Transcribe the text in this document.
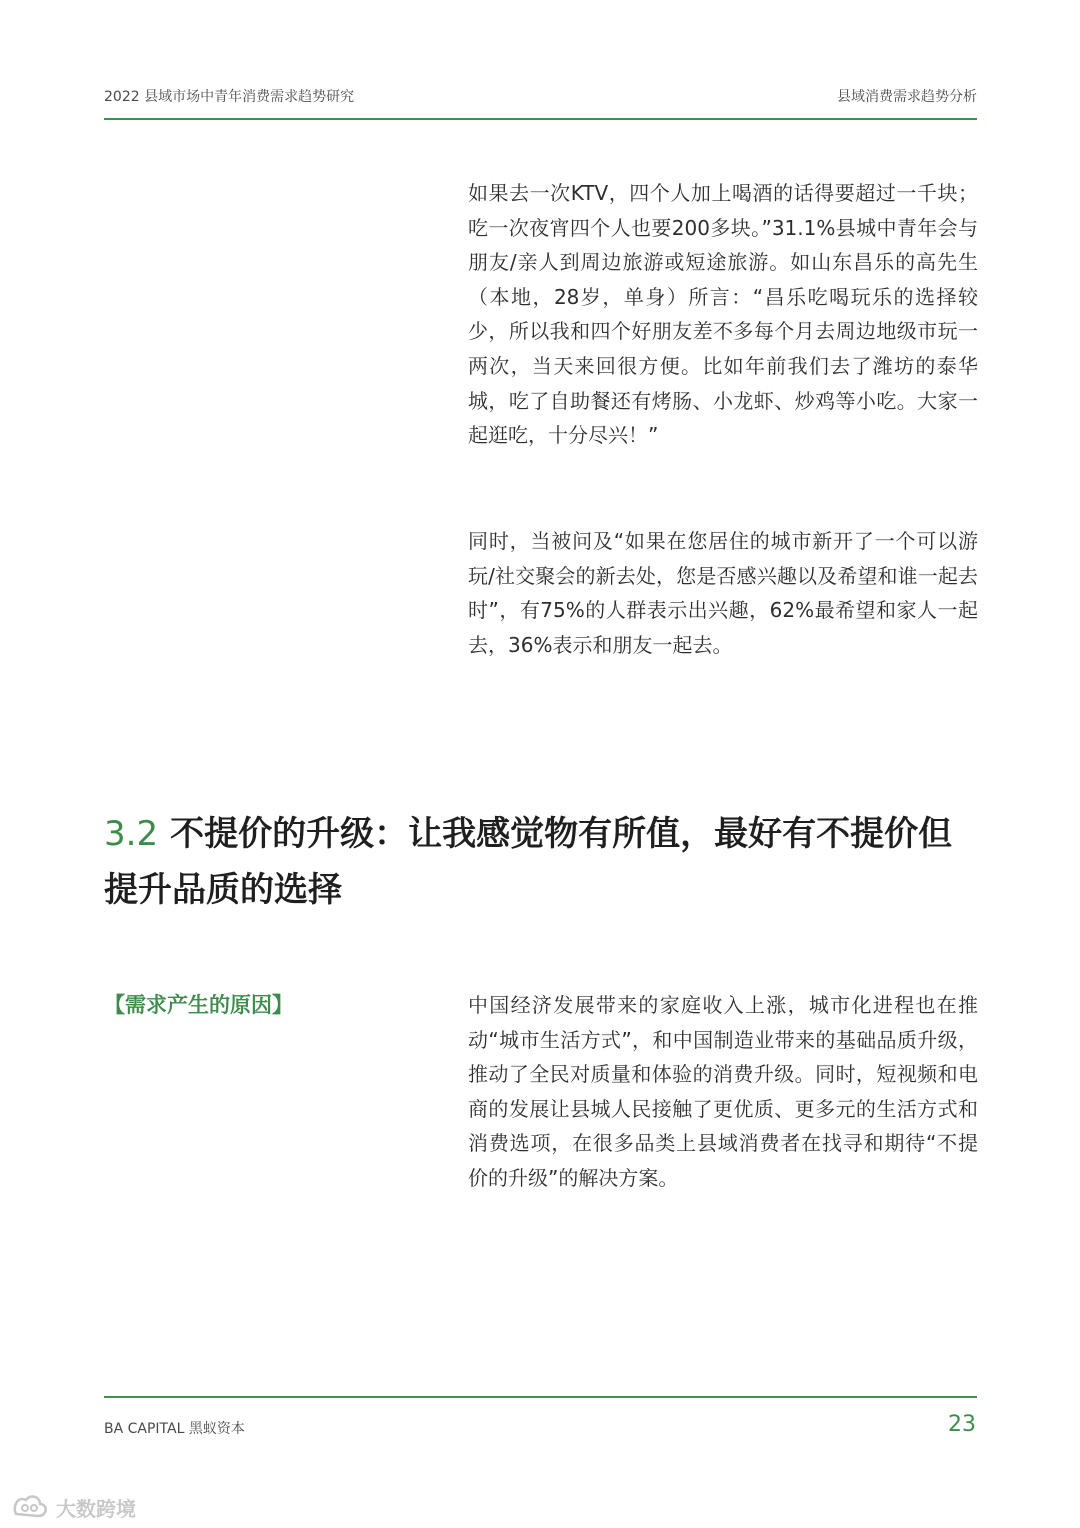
2022 县域市场中青年消费需求趋势研究	县域消费需求趋势分析

如果去一次KTV，四个人加上喝酒的话得要超过一千块；吃一次夜宵四个人也要200多块。”31.1%县城中青年会与朋友/亲人到周边旅游或短途旅游。如山东昌乐的高先生（本地，28岁，单身）所言：“昌乐吃喝玩乐的选择较少，所以我和四个好朋友差不多每个月去周边地级市玩一两次，当天来回很方便。比如年前我们去了潍坊的泰华城，吃了自助餐还有烤肠、小龙虾、炒鸡等小吃。大家一起逛吃，十分尽兴！”

同时，当被问及“如果在您居住的城市新开了一个可以游玩/社交聚会的新去处，您是否感兴趣以及希望和谁一起去时”，有75%的人群表示出兴趣，62%最希望和家人一起去，36%表示和朋友一起去。

3.2 不提价的升级：让我感觉物有所值，最好有不提价但提升品质的选择
【需求产生的原因】	中国经济发展带来的家庭收入上涨，城市化进程也在推动“城市生活方式”，和中国制造业带来的基础品质升级，推动了全民对质量和体验的消费升级。同时，短视频和电商的发展让县城人民接触了更优质、更多元的生活方式和消费选项，在很多品类上县域消费者在找寻和期待“不提价的升级”的解决方案。

BA CAPITAL 黑蚁资本	23
大数跨境
